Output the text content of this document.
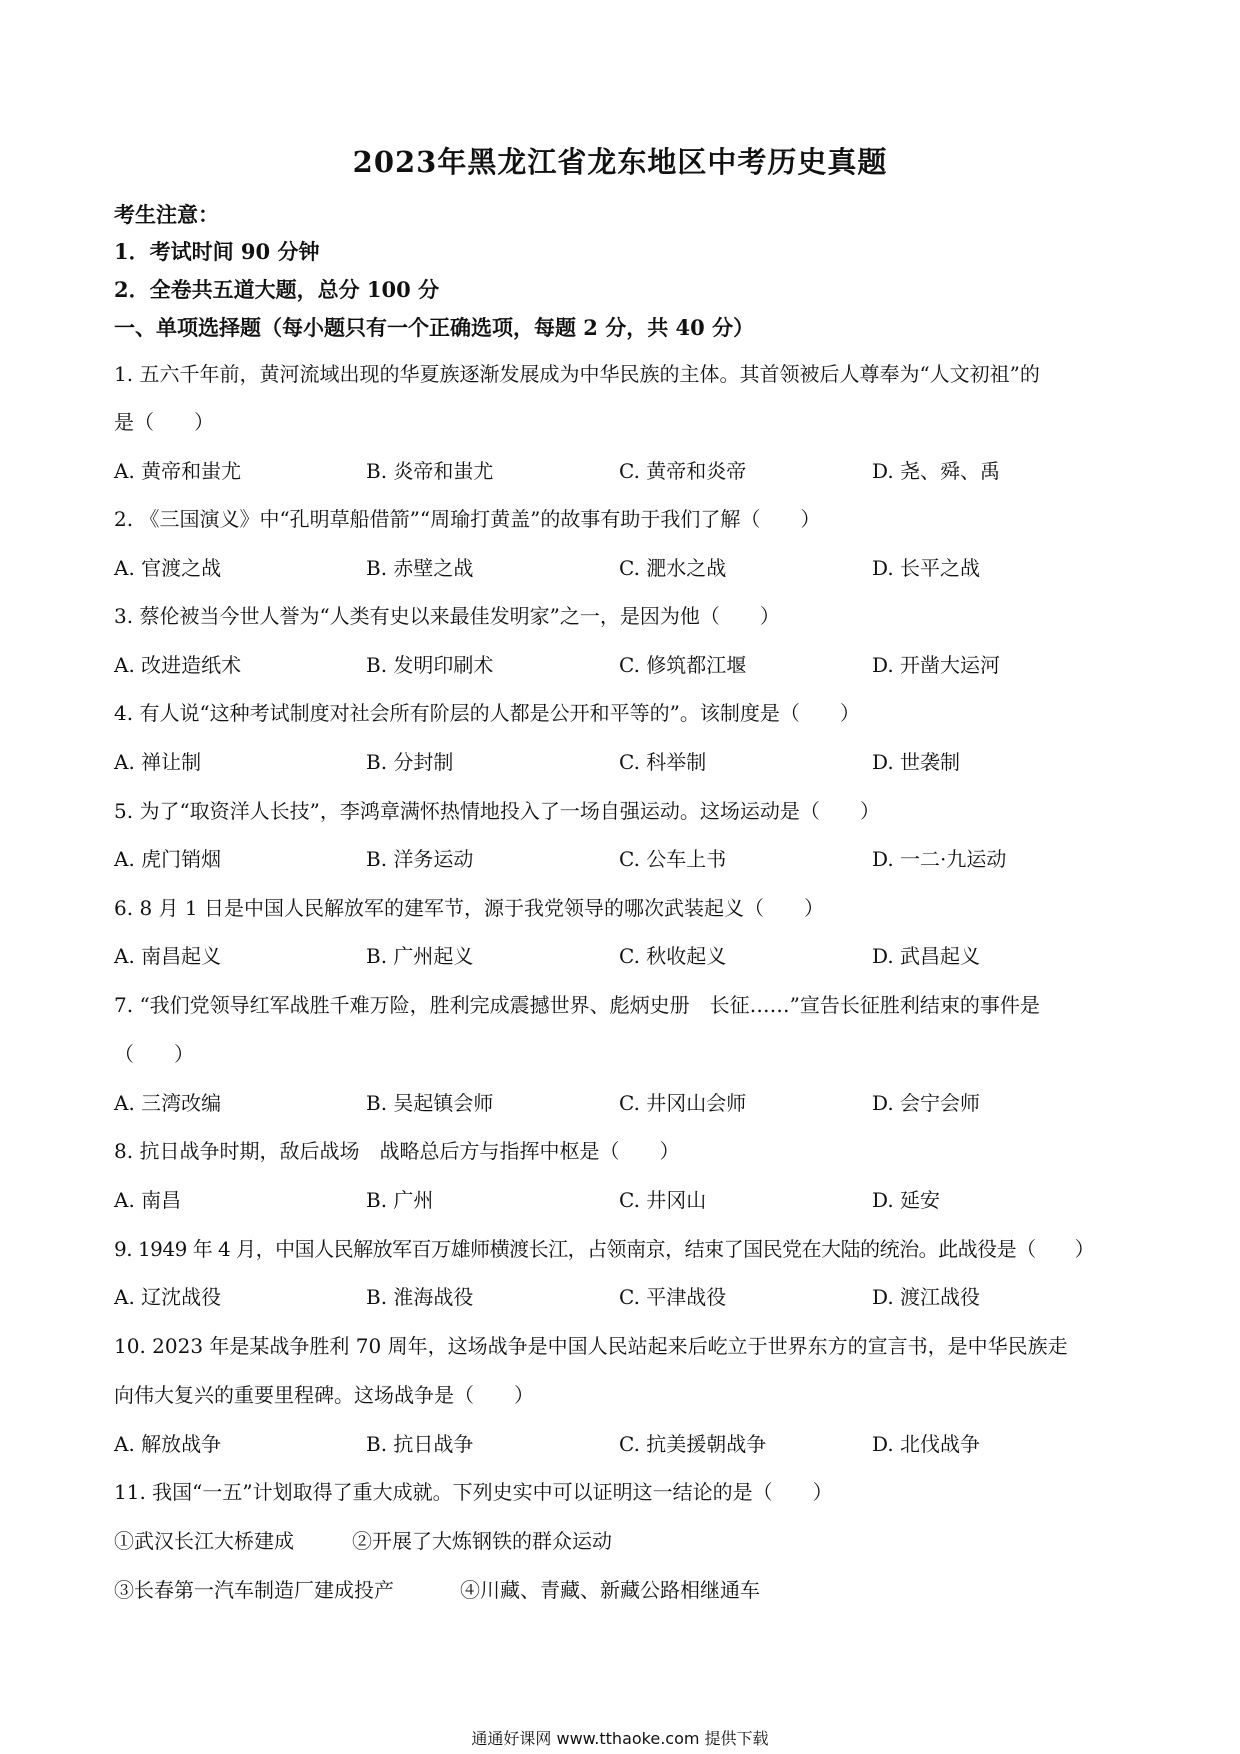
2023年黑龙江省龙东地区中考历史真题
考生注意：
1．考试时间 90 分钟
2．全卷共五道大题，总分 100 分
一、单项选择题（每小题只有一个正确选项，每题 2 分，共 40 分）
1. 五六千年前，黄河流域出现的华夏族逐渐发展成为中华民族的主体。其首领被后人尊奉为“人文初祖”的
是（　　）
A. 黄帝和蚩尤	B. 炎帝和蚩尤	C. 黄帝和炎帝	D. 尧、舜、禹
2. 《三国演义》中“孔明草船借箭”“周瑜打黄盖”的故事有助于我们了解（　　）
A. 官渡之战	B. 赤壁之战	C. 淝水之战	D. 长平之战
3. 蔡伦被当今世人誉为“人类有史以来最佳发明家”之一，是因为他（　　）
A. 改进造纸术	B. 发明印刷术	C. 修筑都江堰	D. 开凿大运河
4. 有人说“这种考试制度对社会所有阶层的人都是公开和平等的”。该制度是（　　）
A. 禅让制	B. 分封制	C. 科举制	D. 世袭制
5. 为了“取资洋人长技”，李鸿章满怀热情地投入了一场自强运动。这场运动是（　　）
A. 虎门销烟	B. 洋务运动	C. 公车上书	D. 一二·九运动
6. 8 月 1 日是中国人民解放军的建军节，源于我党领导的哪次武装起义（　　）
A. 南昌起义	B. 广州起义	C. 秋收起义	D. 武昌起义
7. “我们党领导红军战胜千难万险，胜利完成震撼世界、彪炳史册　长征……”宣告长征胜利结束的事件是
（　　）
A. 三湾改编	B. 吴起镇会师	C. 井冈山会师	D. 会宁会师
8. 抗日战争时期，敌后战场　战略总后方与指挥中枢是（　　）
A. 南昌	B. 广州	C. 井冈山	D. 延安
9. 1949 年 4 月，中国人民解放军百万雄师横渡长江，占领南京，结束了国民党在大陆的统治。此战役是（　　）
A. 辽沈战役	B. 淮海战役	C. 平津战役	D. 渡江战役
10. 2023 年是某战争胜利 70 周年，这场战争是中国人民站起来后屹立于世界东方的宣言书，是中华民族走
向伟大复兴的重要里程碑。这场战争是（　　）
A. 解放战争	B. 抗日战争	C. 抗美援朝战争	D. 北伐战争
11. 我国“一五”计划取得了重大成就。下列史实中可以证明这一结论的是（　　）
①武汉长江大桥建成	②开展了大炼钢铁的群众运动
③长春第一汽车制造厂建成投产	④川藏、青藏、新藏公路相继通车
通通好课网 www.tthaoke.com 提供下载
